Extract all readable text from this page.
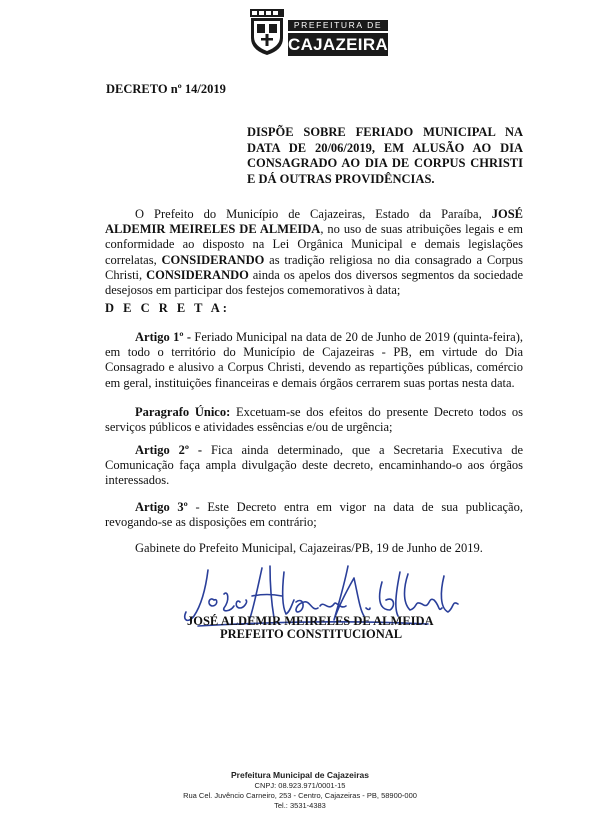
PREFEITURA DE
CAJAZEIRAS
DECRETO nº 14/2019
DISPÕE SOBRE FERIADO MUNICIPAL NA DATA DE 20/06/2019, EM ALUSÃO AO DIA CONSAGRADO AO DIA DE CORPUS CHRISTI E DÁ OUTRAS PROVIDÊNCIAS.
O Prefeito do Município de Cajazeiras, Estado da Paraíba, JOSÉ ALDEMIR MEIRELES DE ALMEIDA, no uso de suas atribuições legais e em conformidade ao disposto na Lei Orgânica Municipal e demais legislações correlatas, CONSIDERANDO as tradição religiosa no dia consagrado a Corpus Christi, CONSIDERANDO ainda os apelos dos diversos segmentos da sociedade desejosos em participar dos festejos comemorativos à data;
D E C R E T A:
Artigo 1º - Feriado Municipal na data de 20 de Junho de 2019 (quinta-feira), em todo o território do Município de Cajazeiras - PB, em virtude do Dia Consagrado e alusivo a Corpus Christi, devendo as repartições públicas, comércio em geral, instituições financeiras e demais órgãos cerrarem suas portas nesta data.
Paragrafo Único: Excetuam-se dos efeitos do presente Decreto todos os serviços públicos e atividades essências e/ou de urgência;
Artigo 2º - Fica ainda determinado, que a Secretaria Executiva de Comunicação faça ampla divulgação deste decreto, encaminhando-o aos órgãos interessados.
Artigo 3º - Este Decreto entra em vigor na data de sua publicação, revogando-se as disposições em contrário;
Gabinete do Prefeito Municipal, Cajazeiras/PB, 19 de Junho de 2019.
JOSÉ ALDEMIR MEIRELES DE ALMEIDA
PREFEITO CONSTITUCIONAL
Prefeitura Municipal de Cajazeiras
CNPJ: 08.923.971/0001-15
Rua Cel. Juvêncio Carneiro, 253 - Centro, Cajazeiras - PB, 58900-000
Tel.: 3531-4383
